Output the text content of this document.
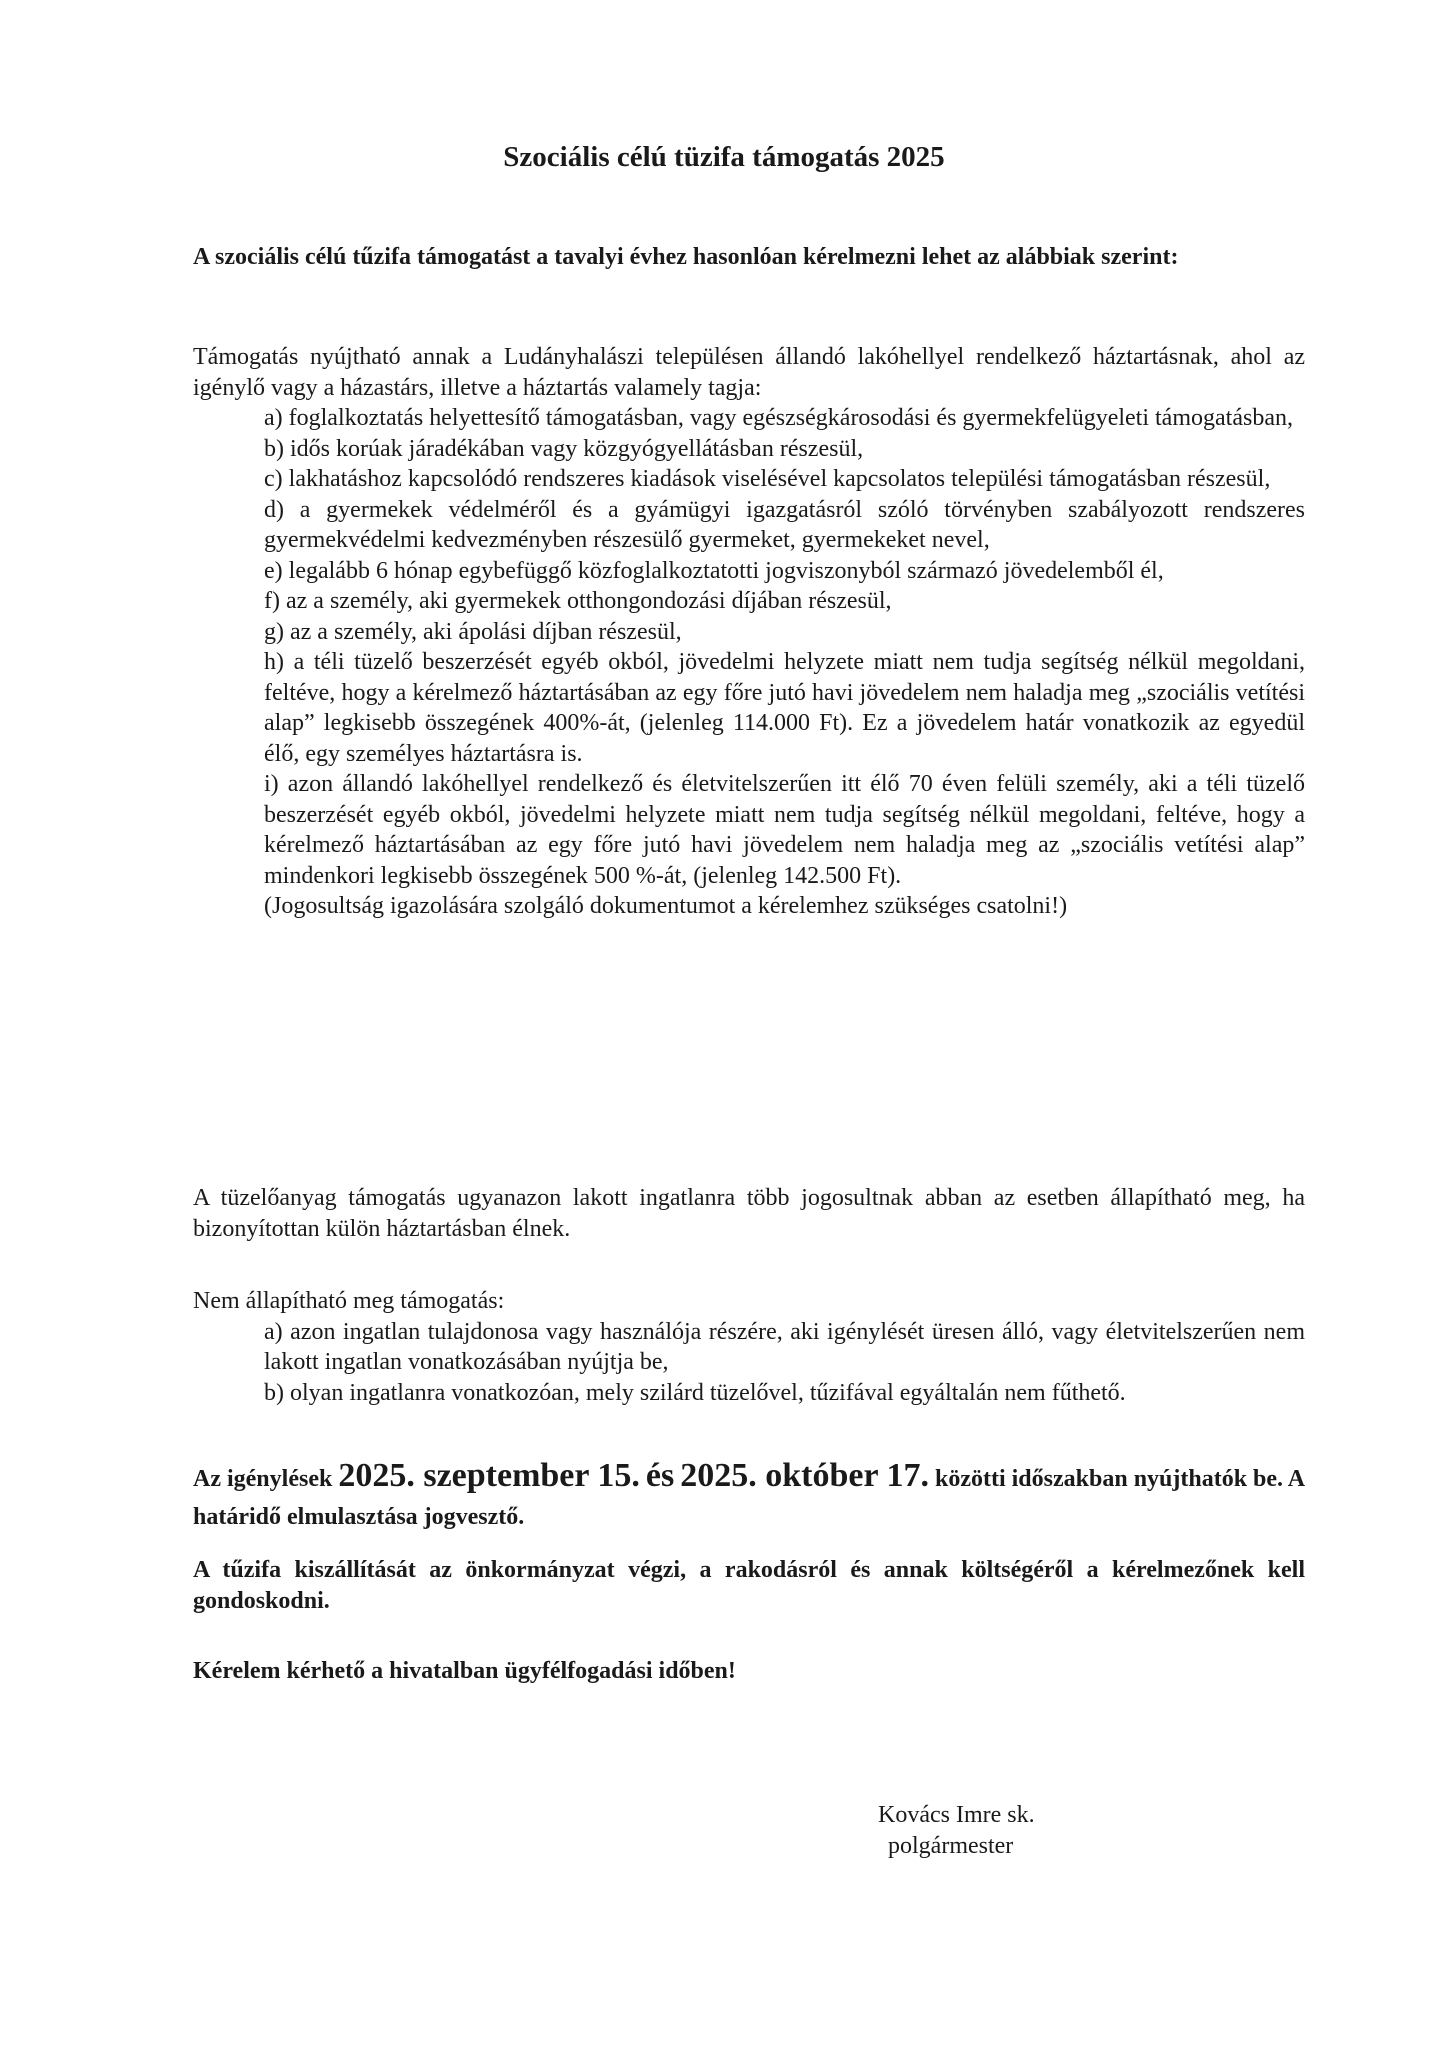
Szociális célú tüzifa támogatás 2025

A szociális célú tűzifa támogatást a tavalyi évhez hasonlóan kérelmezni lehet az alábbiak szerint:

Támogatás nyújtható annak a Ludányhalászi településen állandó lakóhellyel rendelkező háztartásnak, ahol az igénylő vagy a házastárs, illetve a háztartás valamely tagja:

a) foglalkoztatás helyettesítő támogatásban, vagy egészségkárosodási és gyermekfelügyeleti támogatásban,
b) idős korúak járadékában vagy közgyógyellátásban részesül,
c) lakhatáshoz kapcsolódó rendszeres kiadások viselésével kapcsolatos települési támogatásban részesül,
d) a gyermekek védelméről és a gyámügyi igazgatásról szóló törvényben szabályozott rendszeres gyermekvédelmi kedvezményben részesülő gyermeket, gyermekeket nevel,
e) legalább 6 hónap egybefüggő közfoglalkoztatotti jogviszonyból származó jövedelemből él,
f) az a személy, aki gyermekek otthongondozási díjában részesül,
g) az a személy, aki ápolási díjban részesül,
h) a téli tüzelő beszerzését egyéb okból, jövedelmi helyzete miatt nem tudja segítség nélkül megoldani, feltéve, hogy a kérelmező háztartásában az egy főre jutó havi jövedelem nem haladja meg „szociális vetítési alap” legkisebb összegének 400%-át, (jelenleg 114.000 Ft). Ez a jövedelem határ vonatkozik az egyedül élő, egy személyes háztartásra is.
i) azon állandó lakóhellyel rendelkező és életvitelszerűen itt élő 70 éven felüli személy, aki a téli tüzelő beszerzését egyéb okból, jövedelmi helyzete miatt nem tudja segítség nélkül megoldani, feltéve, hogy a kérelmező háztartásában az egy főre jutó havi jövedelem nem haladja meg az „szociális vetítési alap” mindenkori legkisebb összegének 500 %-át, (jelenleg 142.500 Ft).
(Jogosultság igazolására szolgáló dokumentumot a kérelemhez szükséges csatolni!)

A tüzelőanyag támogatás ugyanazon lakott ingatlanra több jogosultnak abban az esetben állapítható meg, ha bizonyítottan külön háztartásban élnek.

Nem állapítható meg támogatás:

a) azon ingatlan tulajdonosa vagy használója részére, aki igénylését üresen álló, vagy életvitelszerűen nem lakott ingatlan vonatkozásában nyújtja be,
b) olyan ingatlanra vonatkozóan, mely szilárd tüzelővel, tűzifával egyáltalán nem fűthető.

Az igénylések 2025. szeptember 15. és 2025. október 17. közötti időszakban nyújthatók be. A határidő elmulasztása jogvesztő.

A tűzifa kiszállítását az önkormányzat végzi, a rakodásról és annak költségéről a kérelmezőnek kell gondoskodni.

Kérelem kérhető a hivatalban ügyfélfogadási időben!

Kovács Imre sk.
polgármester
